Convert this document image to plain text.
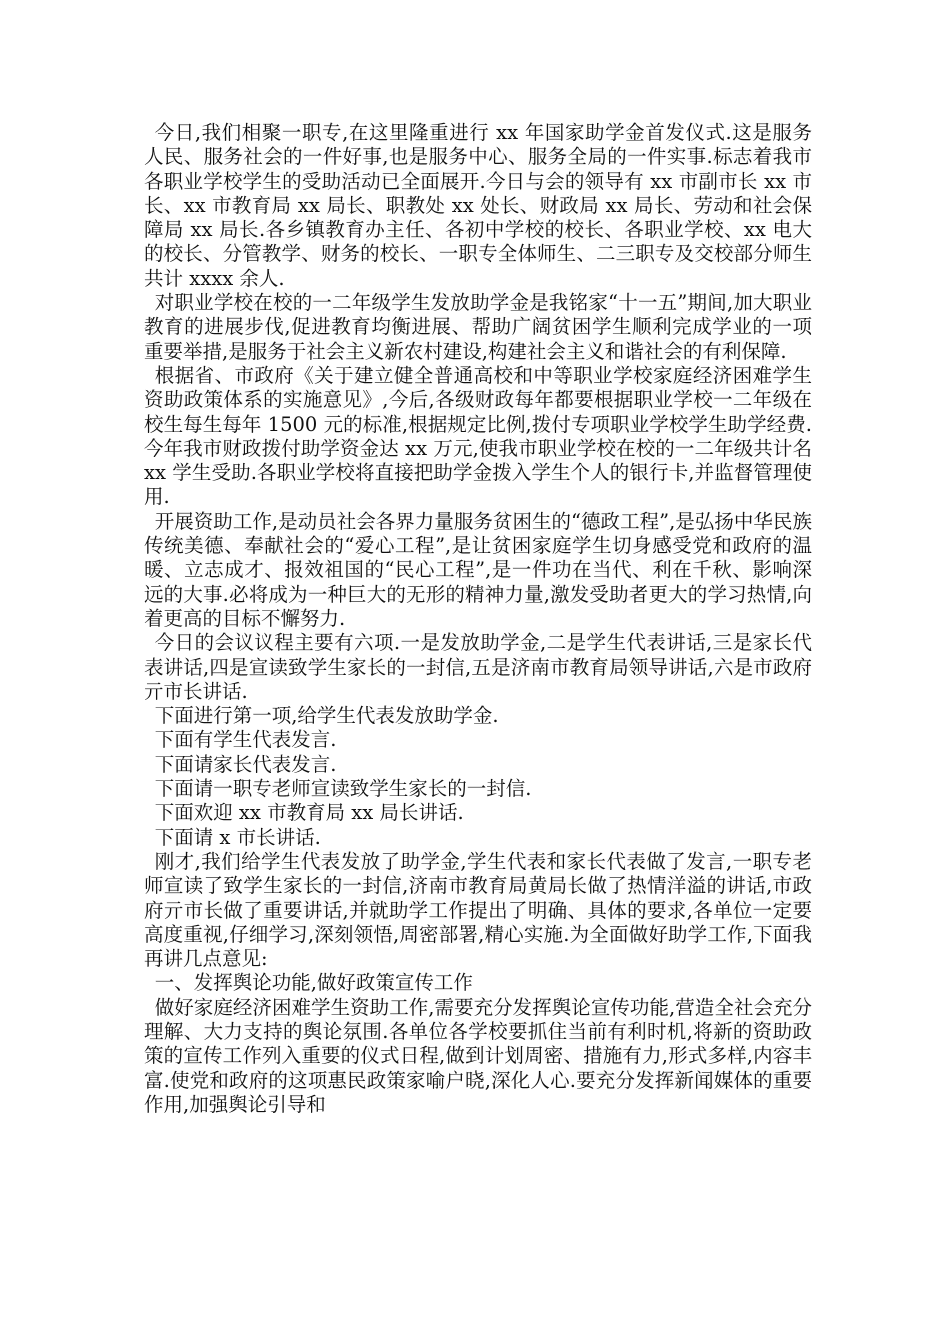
今日,我们相聚一职专,在这里隆重进行 xx 年国家助学金首发仪式.这是服务人民、服务社会的一件好事,也是服务中心、服务全局的一件实事.标志着我市各职业学校学生的受助活动已全面展开.今日与会的领导有 xx 市副市长 xx 市长、xx 市教育局 xx 局长、职教处 xx 处长、财政局 xx 局长、劳动和社会保障局 xx 局长.各乡镇教育办主任、各初中学校的校长、各职业学校、xx 电大的校长、分管教学、财务的校长、一职专全体师生、二三职专及交校部分师生共计 xxxx 余人.

对职业学校在校的一二年级学生发放助学金是我铭家“十一五”期间,加大职业教育的进展步伐,促进教育均衡进展、帮助广阔贫困学生顺利完成学业的一项重要举措,是服务于社会主义新农村建设,构建社会主义和谐社会的有利保障.

根据省、市政府《关于建立健全普通高校和中等职业学校家庭经济困难学生资助政策体系的实施意见》,今后,各级财政每年都要根据职业学校一二年级在校生每生每年 1500 元的标准,根据规定比例,拨付专项职业学校学生助学经费.今年我市财政拨付助学资金达 xx 万元,使我市职业学校在校的一二年级共计名 xx 学生受助.各职业学校将直接把助学金拨入学生个人的银行卡,并监督管理使用.

开展资助工作,是动员社会各界力量服务贫困生的“德政工程”,是弘扬中华民族传统美德、奉献社会的“爱心工程”,是让贫困家庭学生切身感受党和政府的温暖、立志成才、报效祖国的“民心工程”,是一件功在当代、利在千秋、影响深远的大事.必将成为一种巨大的无形的精神力量,激发受助者更大的学习热情,向着更高的目标不懈努力.

今日的会议议程主要有六项.一是发放助学金,二是学生代表讲话,三是家长代表讲话,四是宣读致学生家长的一封信,五是济南市教育局领导讲话,六是市政府亓市长讲话.

下面进行第一项,给学生代表发放助学金.

下面有学生代表发言.

下面请家长代表发言.

下面请一职专老师宣读致学生家长的一封信.

下面欢迎 xx 市教育局 xx 局长讲话.

下面请 x 市长讲话.

刚才,我们给学生代表发放了助学金,学生代表和家长代表做了发言,一职专老师宣读了致学生家长的一封信,济南市教育局黄局长做了热情洋溢的讲话,市政府亓市长做了重要讲话,并就助学工作提出了明确、具体的要求,各单位一定要高度重视,仔细学习,深刻领悟,周密部署,精心实施.为全面做好助学工作,下面我再讲几点意见:

一、发挥舆论功能,做好政策宣传工作

做好家庭经济困难学生资助工作,需要充分发挥舆论宣传功能,营造全社会充分理解、大力支持的舆论氛围.各单位各学校要抓住当前有利时机,将新的资助政策的宣传工作列入重要的仪式日程,做到计划周密、措施有力,形式多样,内容丰富.使党和政府的这项惠民政策家喻户晓,深化人心.要充分发挥新闻媒体的重要作用,加强舆论引导和
